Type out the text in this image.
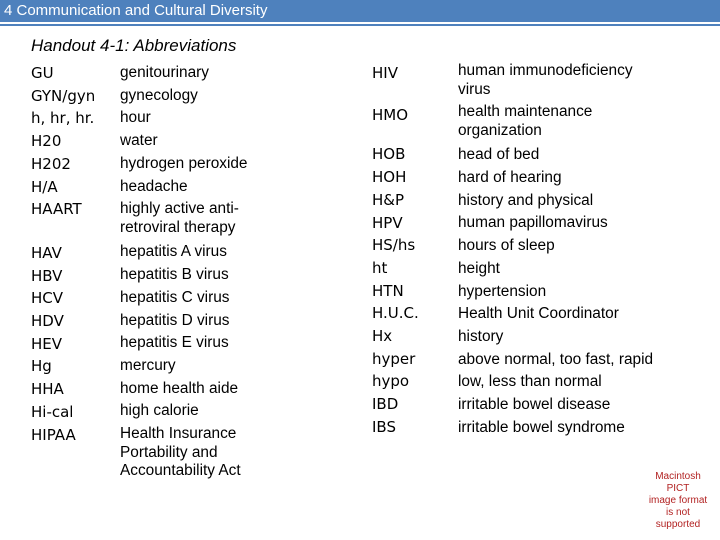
4 Communication and Cultural Diversity
Handout 4-1: Abbreviations
GU
GYN/gyn
h, hr, hr.
H20
H202
H/A
HAART
HAV
HBV
HCV
HDV
HEV
Hg
HHA
Hi-cal
HIPAA
genitourinary
gynecology
hour
water
hydrogen peroxide
headache
highly active anti-
retroviral therapy
hepatitis A virus
hepatitis B virus
hepatitis C virus
hepatitis D virus
hepatitis E virus
mercury
home health aide
high calorie
Health Insurance
Portability and
Accountability Act
HIV
HMO
HOB
HOH
H&P
HPV
HS/hs
ht
HTN
H.U.C.
Hx
hyper
hypo
IBD
IBS
human immunodeficiency
virus
health maintenance
organization
head of bed
hard of hearing
history and physical
human papillomavirus
hours of sleep
height
hypertension
Health Unit Coordinator
history
above normal, too fast, rapid
low, less than normal
irritable bowel disease
irritable bowel syndrome
Macintosh PICT
image format
is not supported
